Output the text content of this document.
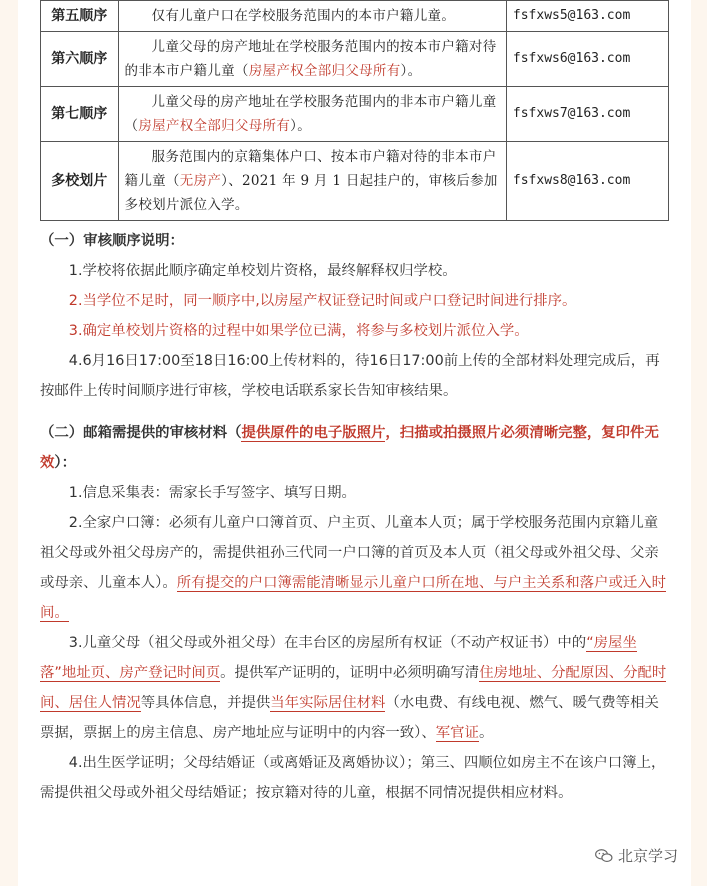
第五顺序	仅有儿童户口在学校服务范围内的本市户籍儿童。	fsfxws5@163.com
第六顺序	儿童父母的房产地址在学校服务范围内的按本市户籍对待的非本市户籍儿童（房屋产权全部归父母所有）。	fsfxws6@163.com
第七顺序	儿童父母的房产地址在学校服务范围内的非本市户籍儿童（房屋产权全部归父母所有）。	fsfxws7@163.com
多校划片	服务范围内的京籍集体户口、按本市户籍对待的非本市户籍儿童（无房产）、2021 年 9 月 1 日起挂户的，审核后参加多校划片派位入学。	fsfxws8@163.com

（一）审核顺序说明：

1.学校将依据此顺序确定单校划片资格，最终解释权归学校。

2.当学位不足时，同一顺序中,以房屋产权证登记时间或户口登记时间进行排序。

3.确定单校划片资格的过程中如果学位已满，将参与多校划片派位入学。

4.6月16日17:00至18日16:00上传材料的，待16日17:00前上传的全部材料处理完成后，再按邮件上传时间顺序进行审核，学校电话联系家长告知审核结果。

（二）邮箱需提供的审核材料（提供原件的电子版照片，扫描或拍摄照片必须清晰完整，复印件无效）：

1.信息采集表：需家长手写签字、填写日期。

2.全家户口簿：必须有儿童户口簿首页、户主页、儿童本人页；属于学校服务范围内京籍儿童祖父母或外祖父母房产的，需提供祖孙三代同一户口簿的首页及本人页（祖父母或外祖父母、父亲或母亲、儿童本人）。所有提交的户口簿需能清晰显示儿童户口所在地、与户主关系和落户或迁入时间。

3.儿童父母（祖父母或外祖父母）在丰台区的房屋所有权证（不动产权证书）中的“房屋坐落”地址页、房产登记时间页。提供军产证明的，证明中必须明确写清住房地址、分配原因、分配时间、居住人情况等具体信息，并提供当年实际居住材料（水电费、有线电视、燃气、暖气费等相关票据，票据上的房主信息、房产地址应与证明中的内容一致）、军官证。

4.出生医学证明；父母结婚证（或离婚证及离婚协议）；第三、四顺位如房主不在该户口簿上，需提供祖父母或外祖父母结婚证；按京籍对待的儿童，根据不同情况提供相应材料。

北京学习
